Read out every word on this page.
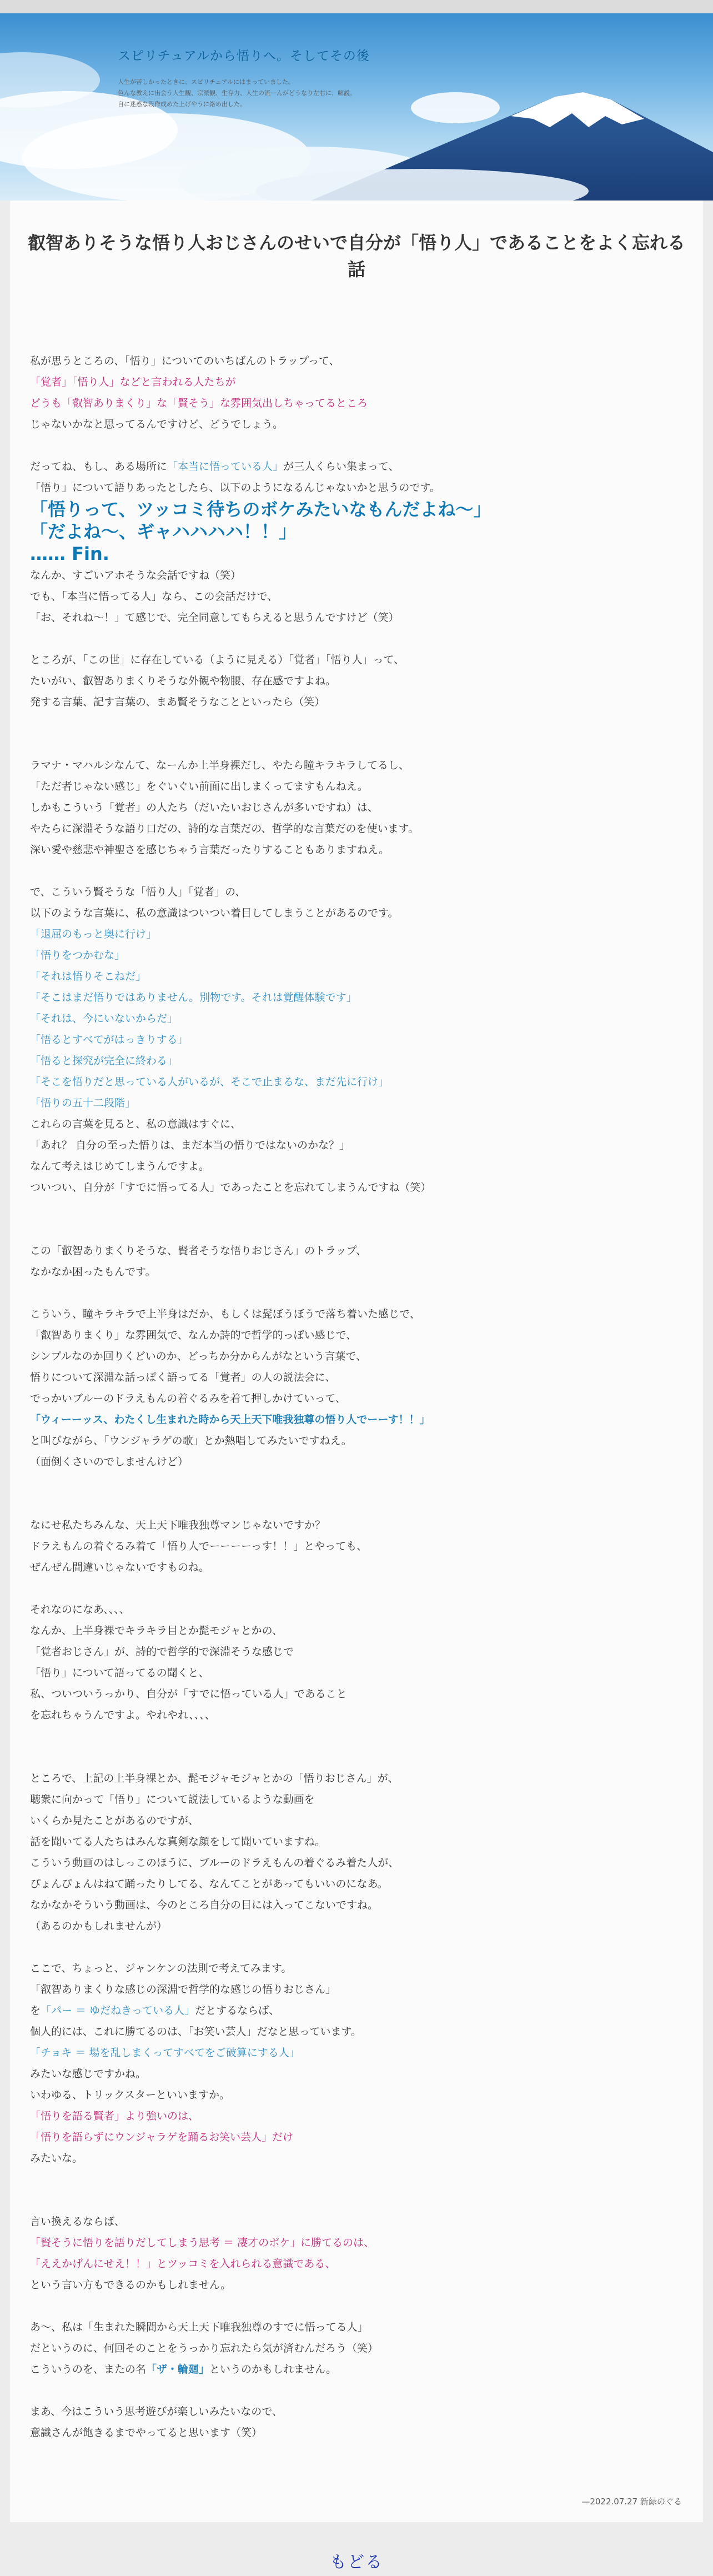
スピリチュアルから悟りへ。そしてその後

人生が苦しかったときに、スピリチュアルにはまっていました。

色んな教えに出会う人生観、宗派観、生存力、人生の流ーんがどうなり左右に、解説。

自に迷惑な段作成めた上げやうに絡め出した。

叡智ありそうな悟り人おじさんのせいで自分が「悟り人」であることをよく忘れる
話
私が思うところの、「悟り」についてのいちばんのトラップって、
「覚者」「悟り人」などと言われる人たちが
どうも「叡智ありまくり」な「賢そう」な雰囲気出しちゃってるところ
じゃないかなと思ってるんですけど、どうでしょう。
だってね、もし、ある場所に「本当に悟っている人」が三人くらい集まって、
「悟り」について語りあったとしたら、以下のようになるんじゃないかと思うのです。
「悟りって、ツッコミ待ちのボケみたいなもんだよね〜」
「だよね〜、ギャハハハハ！！」
…… Fin.
なんか、すごいアホそうな会話ですね（笑）
でも、「本当に悟ってる人」なら、この会話だけで、
「お、それね〜！」て感じで、完全同意してもらえると思うんですけど（笑）
ところが、「この世」に存在している（ように見える）「覚者」「悟り人」って、
たいがい、叡智ありまくりそうな外観や物腰、存在感ですよね。
発する言葉、記す言葉の、まあ賢そうなことといったら（笑）
ラマナ・マハルシなんて、なーんか上半身裸だし、やたら瞳キラキラしてるし、
「ただ者じゃない感じ」をぐいぐい前面に出しまくってますもんねえ。
しかもこういう「覚者」の人たち（だいたいおじさんが多いですね）は、
やたらに深淵そうな語り口だの、詩的な言葉だの、哲学的な言葉だのを使います。
深い愛や慈悲や神聖さを感じちゃう言葉だったりすることもありますねえ。
で、こういう賢そうな「悟り人」「覚者」の、
以下のような言葉に、私の意識はついつい着目してしまうことがあるのです。
「退屈のもっと奥に行け」
「悟りをつかむな」
「それは悟りそこねだ」
「そこはまだ悟りではありません。別物です。それは覚醒体験です」
「それは、今にいないからだ」
「悟るとすべてがはっきりする」
「悟ると探究が完全に終わる」
「そこを悟りだと思っている人がいるが、そこで止まるな、まだ先に行け」
「悟りの五十二段階」
これらの言葉を見ると、私の意識はすぐに、
「あれ？ 自分の至った悟りは、まだ本当の悟りではないのかな？」
なんて考えはじめてしまうんですよ。
ついつい、自分が「すでに悟ってる人」であったことを忘れてしまうんですね（笑）
この「叡智ありまくりそうな、賢者そうな悟りおじさん」のトラップ、
なかなか困ったもんです。
こういう、瞳キラキラで上半身はだか、もしくは髭ぼうぼうで落ち着いた感じで、
「叡智ありまくり」な雰囲気で、なんか詩的で哲学的っぽい感じで、
シンプルなのか回りくどいのか、どっちか分からんがなという言葉で、
悟りについて深淵な話っぽく語ってる「覚者」の人の説法会に、
でっかいブルーのドラえもんの着ぐるみを着て押しかけていって、
「ウィーーッス、わたくし生まれた時から天上天下唯我独尊の悟り人でーーす！！」
と叫びながら、「ウンジャラゲの歌」とか熱唱してみたいですねえ。
（面倒くさいのでしませんけど）
なにせ私たちみんな、天上天下唯我独尊マンじゃないですか？
ドラえもんの着ぐるみ着て「悟り人でーーーーっす！！」とやっても、
ぜんぜん間違いじゃないですものね。
それなのになあ、、、、
なんか、上半身裸でキラキラ目とか髭モジャとかの、
「覚者おじさん」が、詩的で哲学的で深淵そうな感じで
「悟り」について語ってるの聞くと、
私、ついついうっかり、自分が「すでに悟っている人」であること
を忘れちゃうんですよ。やれやれ、、、、
ところで、上記の上半身裸とか、髭モジャモジャとかの「悟りおじさん」が、
聴衆に向かって「悟り」について説法しているような動画を
いくらか見たことがあるのですが、
話を聞いてる人たちはみんな真剣な顔をして聞いていますね。
こういう動画のはしっこのほうに、ブルーのドラえもんの着ぐるみ着た人が、
ぴょんぴょんはねて踊ったりしてる、なんてことがあってもいいのになあ。
なかなかそういう動画は、今のところ自分の目には入ってこないですね。
（あるのかもしれませんが）
ここで、ちょっと、ジャンケンの法則で考えてみます。
「叡智ありまくりな感じの深淵で哲学的な感じの悟りおじさん」
を「パー ＝ ゆだねきっている人」だとするならば、
個人的には、これに勝てるのは、「お笑い芸人」だなと思っています。
「チョキ ＝ 場を乱しまくってすべてをご破算にする人」
みたいな感じですかね。
いわゆる、トリックスターといいますか。
「悟りを語る賢者」より強いのは、
「悟りを語らずにウンジャラゲを踊るお笑い芸人」だけ
みたいな。
言い換えるならば、
「賢そうに悟りを語りだしてしまう思考 ＝ 凄才のボケ」に勝てるのは、
「ええかげんにせえ！！」とツッコミを入れられる意識である、
という言い方もできるのかもしれません。
あ〜、私は「生まれた瞬間から天上天下唯我独尊のすでに悟ってる人」
だというのに、何回そのことをうっかり忘れたら気が済むんだろう（笑）
こういうのを、またの名「ザ・輪廻」というのかもしれません。
まあ、今はこういう思考遊びが楽しいみたいなので、
意識さんが飽きるまでやってると思います（笑）
—2022.07.27 新緑のぐる
もどる
